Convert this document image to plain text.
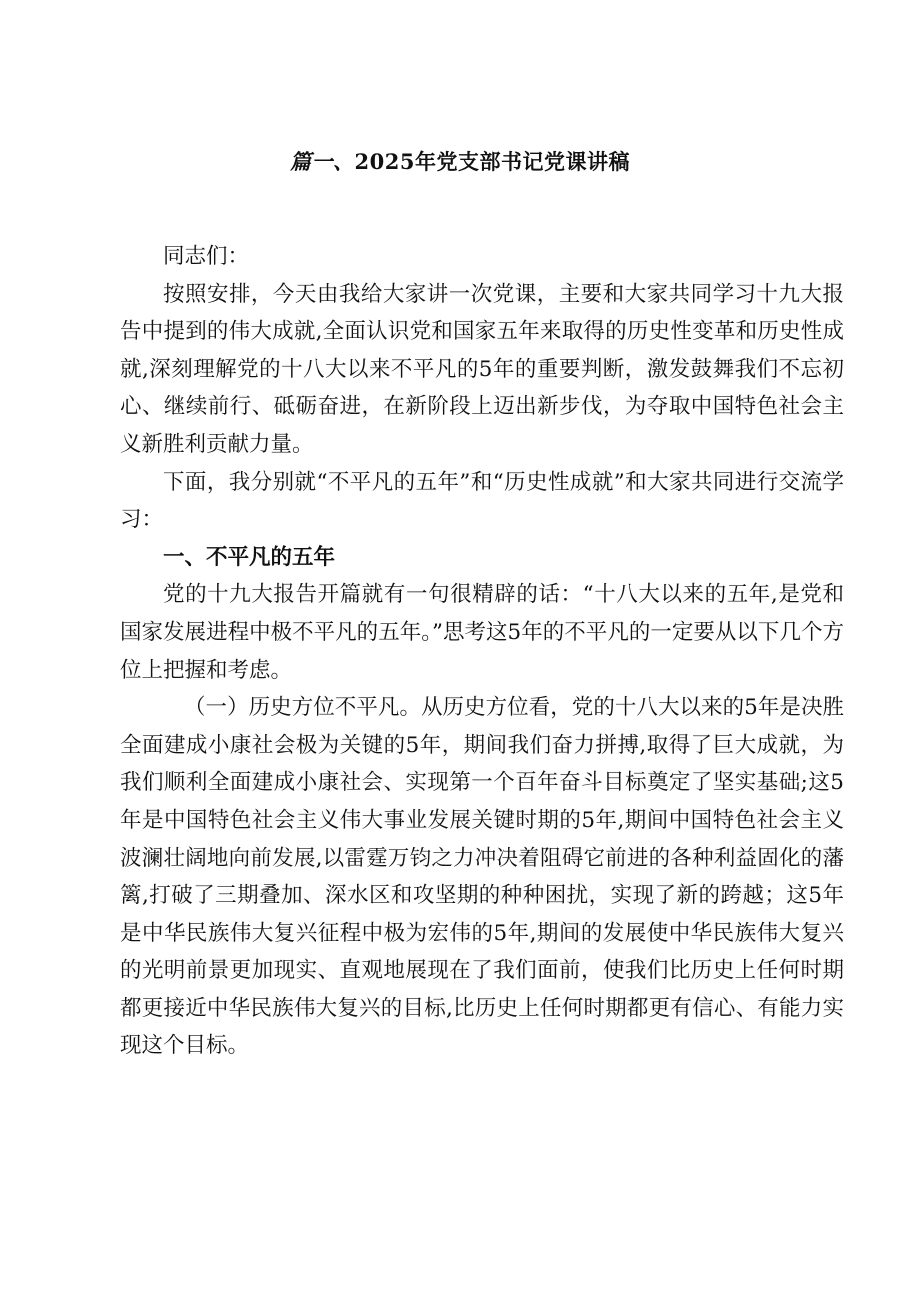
篇一、2025年党支部书记党课讲稿

同志们：

按照安排，今天由我给大家讲一次党课，主要和大家共同学习十九大报告中提到的伟大成就,全面认识党和国家五年来取得的历史性变革和历史性成就,深刻理解党的十八大以来不平凡的5年的重要判断，激发鼓舞我们不忘初心、继续前行、砥砺奋进，在新阶段上迈出新步伐，为夺取中国特色社会主义新胜利贡献力量。

下面，我分别就“不平凡的五年”和“历史性成就”和大家共同进行交流学习：

一、不平凡的五年

党的十九大报告开篇就有一句很精辟的话：“十八大以来的五年,是党和国家发展进程中极不平凡的五年。”思考这5年的不平凡的一定要从以下几个方位上把握和考虑。

（一）历史方位不平凡。从历史方位看，党的十八大以来的5年是决胜全面建成小康社会极为关键的5年，期间我们奋力拼搏,取得了巨大成就，为我们顺利全面建成小康社会、实现第一个百年奋斗目标奠定了坚实基础;这5年是中国特色社会主义伟大事业发展关键时期的5年,期间中国特色社会主义波澜壮阔地向前发展,以雷霆万钧之力冲决着阻碍它前进的各种利益固化的藩篱,打破了三期叠加、深水区和攻坚期的种种困扰，实现了新的跨越；这5年是中华民族伟大复兴征程中极为宏伟的5年,期间的发展使中华民族伟大复兴的光明前景更加现实、直观地展现在了我们面前，使我们比历史上任何时期都更接近中华民族伟大复兴的目标,比历史上任何时期都更有信心、有能力实现这个目标。
